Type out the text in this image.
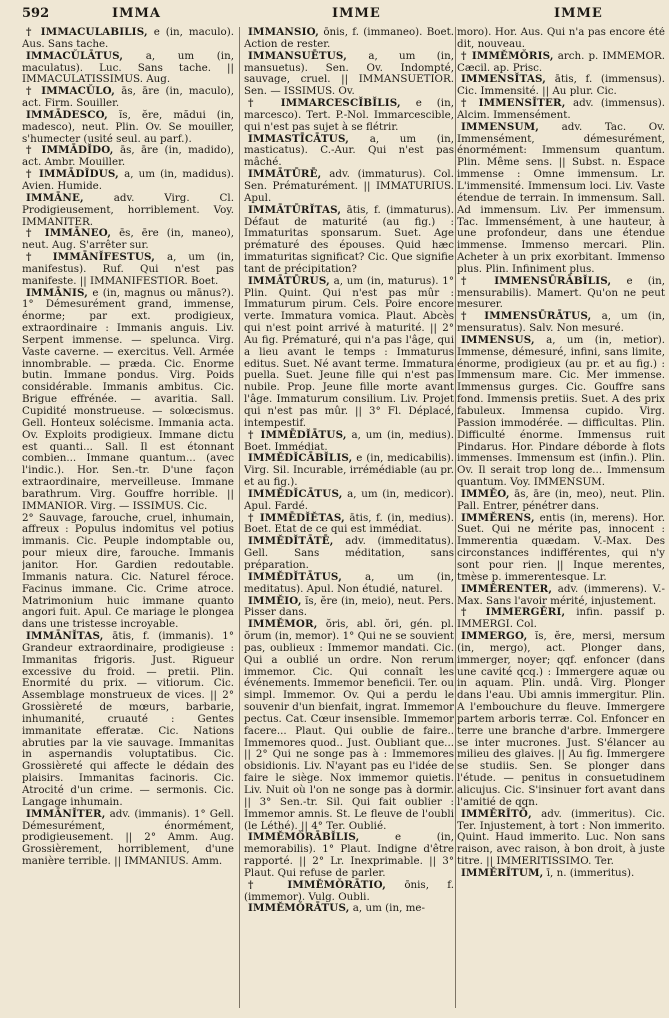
592	IMMA	IMME	IMME

† IMMACŬLĀBĬLIS, e (in, maculo). Aus. Sans tache.

IMMACŬLĀTUS, a, um (in, maculatus). Luc. Sans tache. || IMMACULATISSIMUS. Aug.

† IMMACŬLO, ās, āre (in, maculo), act. Firm. Souiller.

IMMĀDESCO, ĭs, ĕre, mădui (in, madesco), neut. Plin. Ov. Se mouiller, s'humecter (usité seul. au parf.).

† IMMĀDĬDO, ās, āre (in, madido), act. Ambr. Mouiller.

† IMMĀDĬDUS, a, um (in, madidus). Avien. Humide.

IMMĀNE,	adv. Virg. Cl. Prodigieusement, horriblement. Voy. IMMANITER.

† IMMĀNEO, ēs, ēre (in, maneo), neut. Aug. S'arrêter sur.

† IMMĀNĬFESTUS, a, um (in, manifestus). Ruf. Qui n'est pas manifeste. || IMMANIFESTIOR. Boet.

IMMĀNIS, e (in, magnus ou mānus?). 1° Démesurément grand, immense, énorme; par ext. prodigieux, extraordinaire : Immanis anguis. Liv. Serpent immense. — spelunca. Virg. Vaste caverne. — exercitus. Vell. Armée innombrable. — præda. Cic. Enorme butin. Immane pondus. Virg. Poids considérable. Immanis ambitus. Cic. Brigue effrénée. — avaritia. Sall. Cupidité monstrueuse. — solœcismus. Gell. Honteux solécisme. Immania acta. Ov. Exploits prodigieux. Immane dictu est quanti... Sall. Il est étonnant combien... Immane quantum... (avec l'indic.). Hor. Sen.-tr. D'une façon extraordinaire, merveilleuse. Immane barathrum. Virg. Gouffre horrible. || IMMANIOR. Virg. — ISSIMUS. Cic.

2° Sauvage, farouche, cruel, inhumain, affreux : Populus indomitus vel potius immanis. Cic. Peuple indomptable ou, pour mieux dire, farouche. Immanis janitor. Hor. Gardien redoutable. Immanis natura. Cic. Naturel féroce. Facinus immane. Cic. Crime atroce. Matrimonium huic immane quanto angori fuit. Apul. Ce mariage le plongea dans une tristesse incroyable.

IMMĀNĬTAS, ātis, f. (immanis). 1° Grandeur extraordinaire, prodigieuse : Immanitas frigoris. Just. Rigueur excessive du froid. — pretii. Plin. Enormité du prix. — vitiorum. Cic. Assemblage monstrueux de vices. || 2° Grossièreté de mœurs, barbarie, inhumanité, cruauté : Gentes immanitate efferatæ. Cic. Nations abruties par la vie sauvage. Immanitas in aspernandis voluptatibus. Cic. Grossièreté qui affecte le dédain des plaisirs. Immanitas facinoris. Cic. Atrocité d'un crime. — sermonis. Cic. Langage inhumain.

IMMĀNĬTER, adv. (immanis). 1° Gell. Démesurément, énormément, prodigieusement. || 2° Amm. Aug. Grossièrement, horriblement, d'une manière terrible. || IMMANIUS. Amm.

IMMANSIO, ōnis, f. (immaneo). Boet. Action de rester.

IMMANSUĒTUS, a, um (in, mansuetus). Sen. Ov. Indompté, sauvage, cruel. || IMMANSUETIOR. Sen. — ISSIMUS. Ov.

† IMMARCESCĬBĬLIS, e (in, marcesco). Tert. P.-Nol. Immarcescible, qui n'est pas sujet à se flétrir.

IMMASTĪCĀTUS, a, um (in, masticatus). C.-Aur. Qui n'est pas mâché.

IMMĀTŪRĒ, adv. (immaturus). Col. Sen. Prématurément. || IMMATURIUS. Apul.

IMMĀTŪRĬTAS, ātis, f. (immaturus). Défaut de maturité (au fig.) : Immaturitas sponsarum. Suet. Age prématuré des épouses. Quid hæc immaturitas significat? Cic. Que signifie tant de précipitation?

IMMĀTŪRUS, a, um (in, maturus). 1° Plin. Quint. Qui n'est pas mûr : Immaturum pirum. Cels. Poire encore verte. Immatura vomica. Plaut. Abcès qui n'est point arrivé à maturité. || 2° Au fig. Prématuré, qui n'a pas l'âge, qui a lieu avant le temps : Immaturus editus. Suet. Né avant terme. Immatura puella. Suet. Jeune fille qui n'est pas nubile. Prop. Jeune fille morte avant l'âge. Immaturum consilium. Liv. Projet qui n'est pas mûr. || 3° Fl. Déplacé, intempestif.

† IMMĒDĬĀTUS, a, um (in, medius). Boet. Immédiat.

IMMĔDĬCĀBĬLIS, e (in, medicabilis). Virg. Sil. Incurable, irrémédiable (au pr. et au fig.).

IMMĔDĬCĀTUS, a, um (in, medicor). Apul. Fardé.

† IMMĒDĬĔTAS, ātis, f. (in, medius). Boet. Etat de ce qui est immédiat.

IMMĔDĬTĀTĒ, adv. (immeditatus). Gell. Sans méditation, sans préparation.

IMMĔDĬTĀTUS, a, um (in, meditatus). Apul. Non étudié, naturel.

IMMĔIO, ĭs, ĕre (in, meio), neut. Pers. Pisser dans.

IMMĔMOR, ŏris, abl. ŏri, gén. pl. ŏrum (in, memor). 1° Qui ne se souvient pas, oublieux : Immemor mandati. Cic. Qui a oublié un ordre. Non rerum immemor. Cic. Qui connaît les événements. Immemor beneficii. Ter. ou simpl. Immemor. Ov. Qui a perdu le souvenir d'un bienfait, ingrat. Immemor pectus. Cat. Cœur insensible. Immemor facere... Plaut. Qui oublie de faire.. Immemores quod.. Just. Oubliant que... || 2° Qui ne songe pas à : Immemores obsidionis. Liv. N'ayant pas eu l'idée de faire le siège. Nox immemor quietis. Liv. Nuit où l'on ne songe pas à dormir. || 3° Sen.-tr. Sil. Qui fait oublier : Immemor amnis. St. Le fleuve de l'oubli (le Léthé). || 4° Ter. Oublié.

IMMĔMŎRĀBĬLIS,	e (in, memorabilis). 1° Plaut. Indigne d'être rapporté. || 2° Lr. Inexprimable. || 3° Plaut. Qui refuse de parler.

† IMMĔMŎRĀTIO, ōnis, f. (immemor). Vulg. Oubli.

IMMĔMŎRĀTUS, a, um (in, me-

moro). Hor. Aus. Qui n'a pas encore été dit, nouveau.

† IMMĔMŎRIS, arch. p. IMMEMOR. Cæcil. ap. Prisc.

IMMENSĬTAS, ātis, f. (immensus). Cic. Immensité. || Au plur. Cic.

† IMMENSĬTER, adv. (immensus). Alcim. Immensément.

IMMENSUM, adv. Tac. Ov. Immensément, démesurément, énormément: Immensum quantum. Plin. Même sens. || Subst. n. Espace immense : Omne immensum. Lr. L'immensité. Immensum loci. Liv. Vaste étendue de terrain. In immensum. Sall. Ad immensum. Liv. Per immensum. Tac. Immensément, à une hauteur, à une profondeur, dans une étendue immense. Immenso mercari. Plin. Acheter à un prix exorbitant. Immenso plus. Plin. Infiniment plus.

† IMMENSŪRĀBĬLIS, e (in, mensurabilis). Mamert. Qu'on ne peut mesurer.

† IMMENSŪRĀTUS, a, um (in, mensuratus). Salv. Non mesuré.

IMMENSUS, a, um (in, metior). Immense, démesuré, infini, sans limite, énorme, prodigieux (au pr. et au fig.) : Immensum mare. Cic. Mer immense. Immensus gurges. Cic. Gouffre sans fond. Immensis pretiis. Suet. A des prix fabuleux. Immensa cupido. Virg. Passion immodérée. — difficultas. Plin. Difficulté énorme. Immensus ruit Pindarus. Hor. Pindare déborde à flots immenses. Immensum est (infin.). Plin. Ov. Il serait trop long de... Immensum quantum. Voy. IMMENSUM.

IMMĔO, ās, āre (in, meo), neut. Plin. Pall. Entrer, pénétrer dans.

IMMĔRENS, entis (in, merens). Hor. Suet. Qui ne mérite pas, innocent : Immerentia quædam. V.-Max. Des circonstances indifférentes, qui n'y sont pour rien. || Inque merentes, tmèse p. immerentesque. Lr.

IMMĔRENTER, adv. (immerens). V.-Max. Sans l'avoir mérité, injustement.

† IMMERGĔRI, infin. passif p. IMMERGI. Col.

IMMERGO, ĭs, ĕre, mersi, mersum (in, mergo), act. Plonger dans, immerger, noyer; qqf. enfoncer (dans une cavité qcq.) : Immergere aquæ ou in aquam. Plin. undâ. Virg. Plonger dans l'eau. Ubi amnis immergitur. Plin. A l'embouchure du fleuve. Immergere partem arboris terræ. Col. Enfoncer en terre une branche d'arbre. Immergere se inter mucrones. Just. S'élancer au milieu des glaives. || Au fig. Immergere se studiis. Sen. Se plonger dans l'étude. — penitus in consuetudinem alicujus. Cic. S'insinuer fort avant dans l'amitié de qqn.

IMMĔRĬTŌ, adv. (immeritus). Cic. Ter. Injustement, à tort : Non immerito. Quint. Haud immerito. Luc. Non sans raison, avec raison, à bon droit, à juste titre. || IMMERITISSIMO. Ter.

IMMĔRĬTUM, ī, n. (immeritus).
